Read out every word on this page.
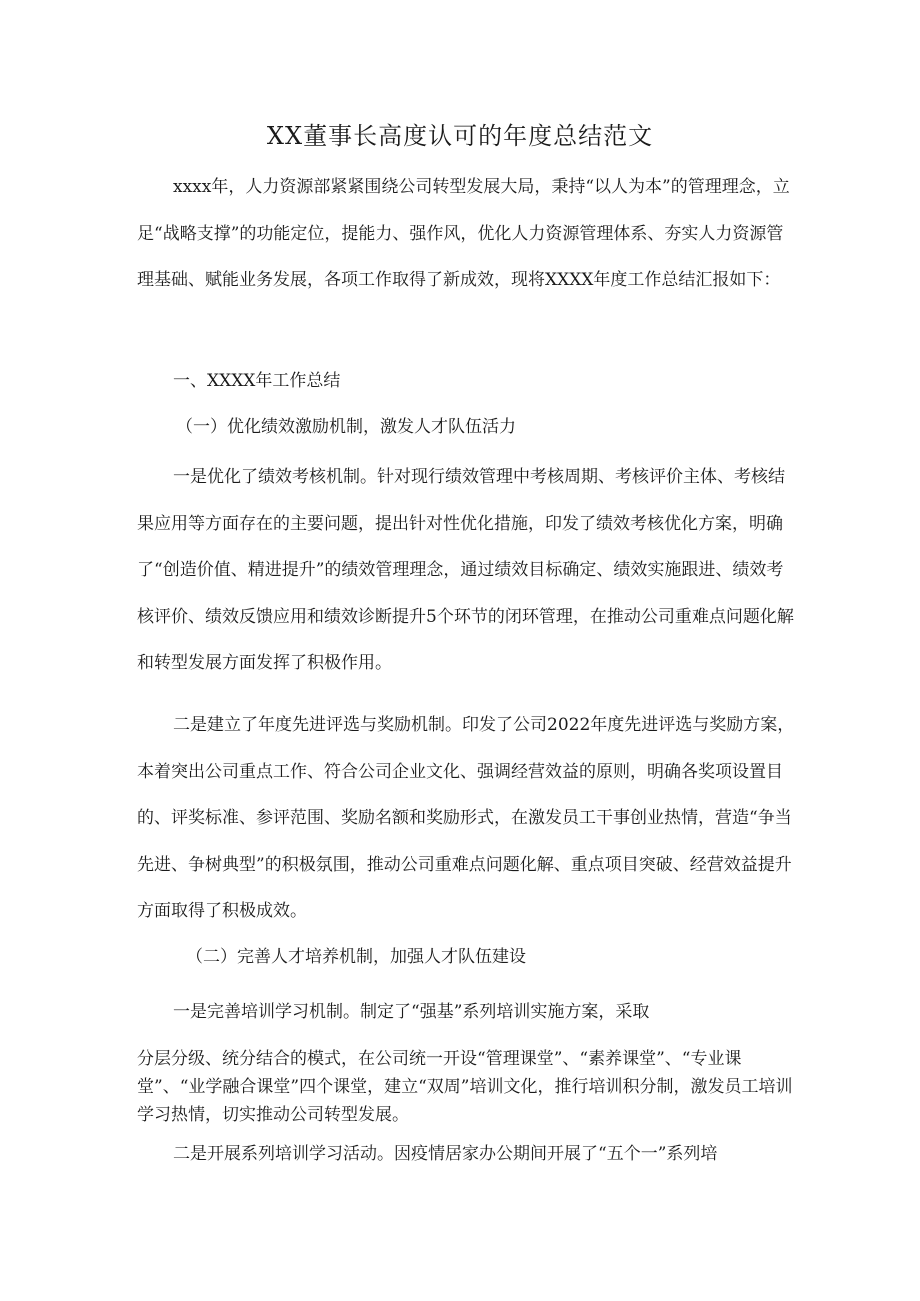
XX董事长高度认可的年度总结范文

xxxx年，人力资源部紧紧围绕公司转型发展大局，秉持“以人为本”的管理理念，立足“战略支撑”的功能定位，提能力、强作风，优化人力资源管理体系、夯实人力资源管理基础、赋能业务发展，各项工作取得了新成效，现将XXXX年度工作总结汇报如下：

一、XXXX年工作总结

（一）优化绩效激励机制，激发人才队伍活力

一是优化了绩效考核机制。针对现行绩效管理中考核周期、考核评价主体、考核结果应用等方面存在的主要问题，提出针对性优化措施，印发了绩效考核优化方案，明确了“创造价值、精进提升”的绩效管理理念，通过绩效目标确定、绩效实施跟进、绩效考核评价、绩效反馈应用和绩效诊断提升5个环节的闭环管理，在推动公司重难点问题化解和转型发展方面发挥了积极作用。

二是建立了年度先进评选与奖励机制。印发了公司2022年度先进评选与奖励方案，本着突出公司重点工作、符合公司企业文化、强调经营效益的原则，明确各奖项设置目的、评奖标准、参评范围、奖励名额和奖励形式，在激发员工干事创业热情，营造“争当先进、争树典型”的积极氛围，推动公司重难点问题化解、重点项目突破、经营效益提升方面取得了积极成效。

（二）完善人才培养机制，加强人才队伍建设

一是完善培训学习机制。制定了“强基”系列培训实施方案，采取

分层分级、统分结合的模式，在公司统一开设“管理课堂”、“素养课堂”、“专业课堂”、“业学融合课堂”四个课堂，建立“双周”培训文化，推行培训积分制，激发员工培训学习热情，切实推动公司转型发展。

二是开展系列培训学习活动。因疫情居家办公期间开展了“五个一”系列培
